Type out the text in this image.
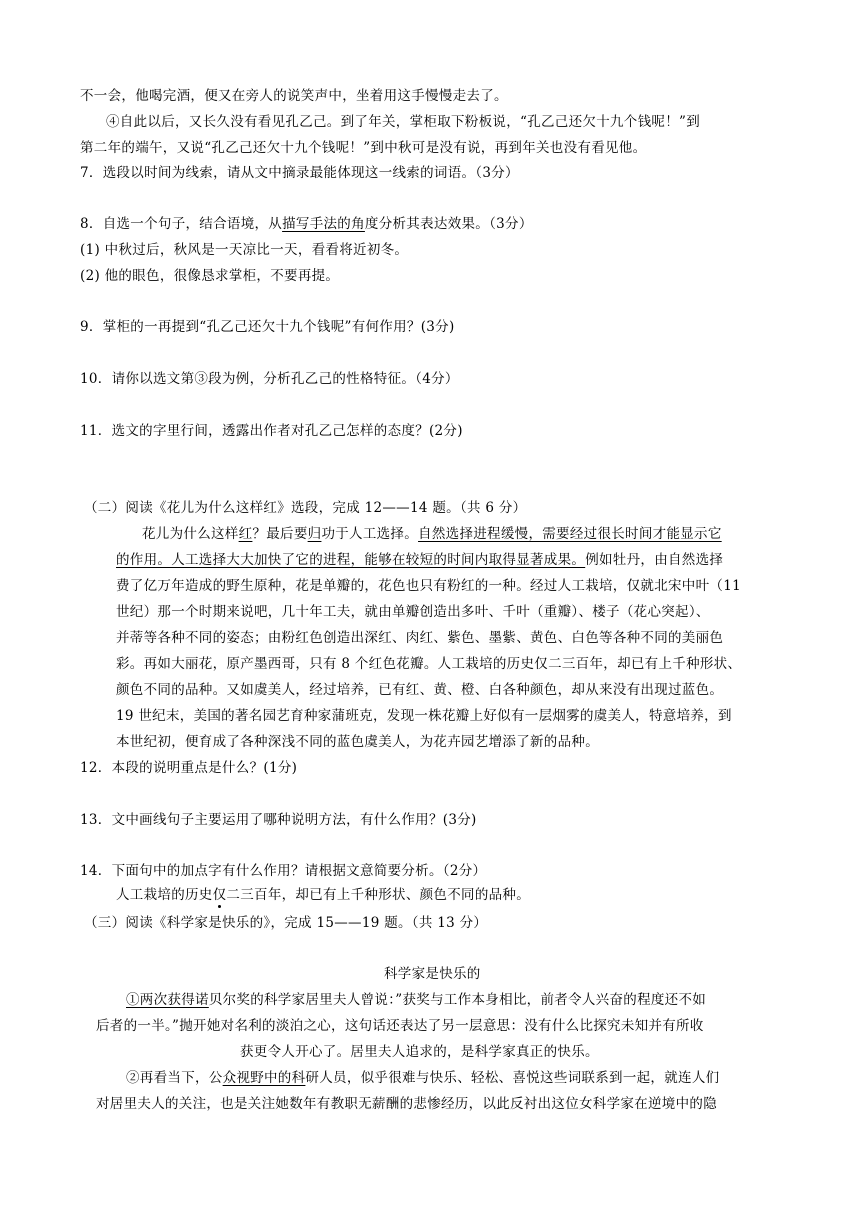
不一会，他喝完酒，便又在旁人的说笑声中，坐着用这手慢慢走去了。
④自此以后，又长久没有看见孔乙己。到了年关，掌柜取下粉板说，“孔乙己还欠十九个钱呢！”到
第二年的端午，又说“孔乙己还欠十九个钱呢！”到中秋可是没有说，再到年关也没有看见他。
7．选段以时间为线索，请从文中摘录最能体现这一线索的词语。（3分）
8．自选一个句子，结合语境，从描写手法的角度分析其表达效果。（3分）
(1) 中秋过后，秋风是一天凉比一天，看看将近初冬。
(2) 他的眼色，很像恳求掌柜，不要再提。
9．掌柜的一再提到“孔乙己还欠十九个钱呢”有何作用？(3分)
10．请你以选文第③段为例，分析孔乙己的性格特征。（4分）
11．选文的字里行间，透露出作者对孔乙己怎样的态度？(2分)
（二）阅读《花儿为什么这样红》选段，完成 12——14 题。（共 6 分）
花儿为什么这样红？最后要归功于人工选择。自然选择进程缓慢，需要经过很长时间才能显示它
的作用。人工选择大大加快了它的进程，能够在较短的时间内取得显著成果。例如牡丹，由自然选择
费了亿万年造成的野生原种，花是单瓣的，花色也只有粉红的一种。经过人工栽培，仅就北宋中叶（11
世纪）那一个时期来说吧，几十年工夫，就由单瓣创造出多叶、千叶（重瓣）、楼子（花心突起）、
并蒂等各种不同的姿态；由粉红色创造出深红、肉红、紫色、墨紫、黄色、白色等各种不同的美丽色
彩。再如大丽花，原产墨西哥，只有 8 个红色花瓣。人工栽培的历史仅二三百年，却已有上千种形状、
颜色不同的品种。又如虞美人，经过培养，已有红、黄、橙、白各种颜色，却从来没有出现过蓝色。
19 世纪末，美国的著名园艺育种家蒲班克，发现一株花瓣上好似有一层烟雾的虞美人，特意培养，到
本世纪初，便育成了各种深浅不同的蓝色虞美人，为花卉园艺增添了新的品种。
12．本段的说明重点是什么？(1分)
13．文中画线句子主要运用了哪种说明方法，有什么作用？(3分)
14．下面句中的加点字有什么作用？请根据文意简要分析。（2分）
人工栽培的历史仅二三百年，却已有上千种形状、颜色不同的品种。
（三）阅读《科学家是快乐的》，完成 15——19 题。（共 13 分）
科学家是快乐的
①两次获得诺贝尔奖的科学家居里夫人曾说：”获奖与工作本身相比，前者令人兴奋的程度还不如
后者的一半。”抛开她对名利的淡泊之心，这句话还表达了另一层意思：没有什么比探究未知并有所收
获更令人开心了。居里夫人追求的，是科学家真正的快乐。
②再看当下，公众视野中的科研人员，似乎很难与快乐、轻松、喜悦这些词联系到一起，就连人们
对居里夫人的关注，也是关注她数年有教职无薪酬的悲惨经历，以此反衬出这位女科学家在逆境中的隐
